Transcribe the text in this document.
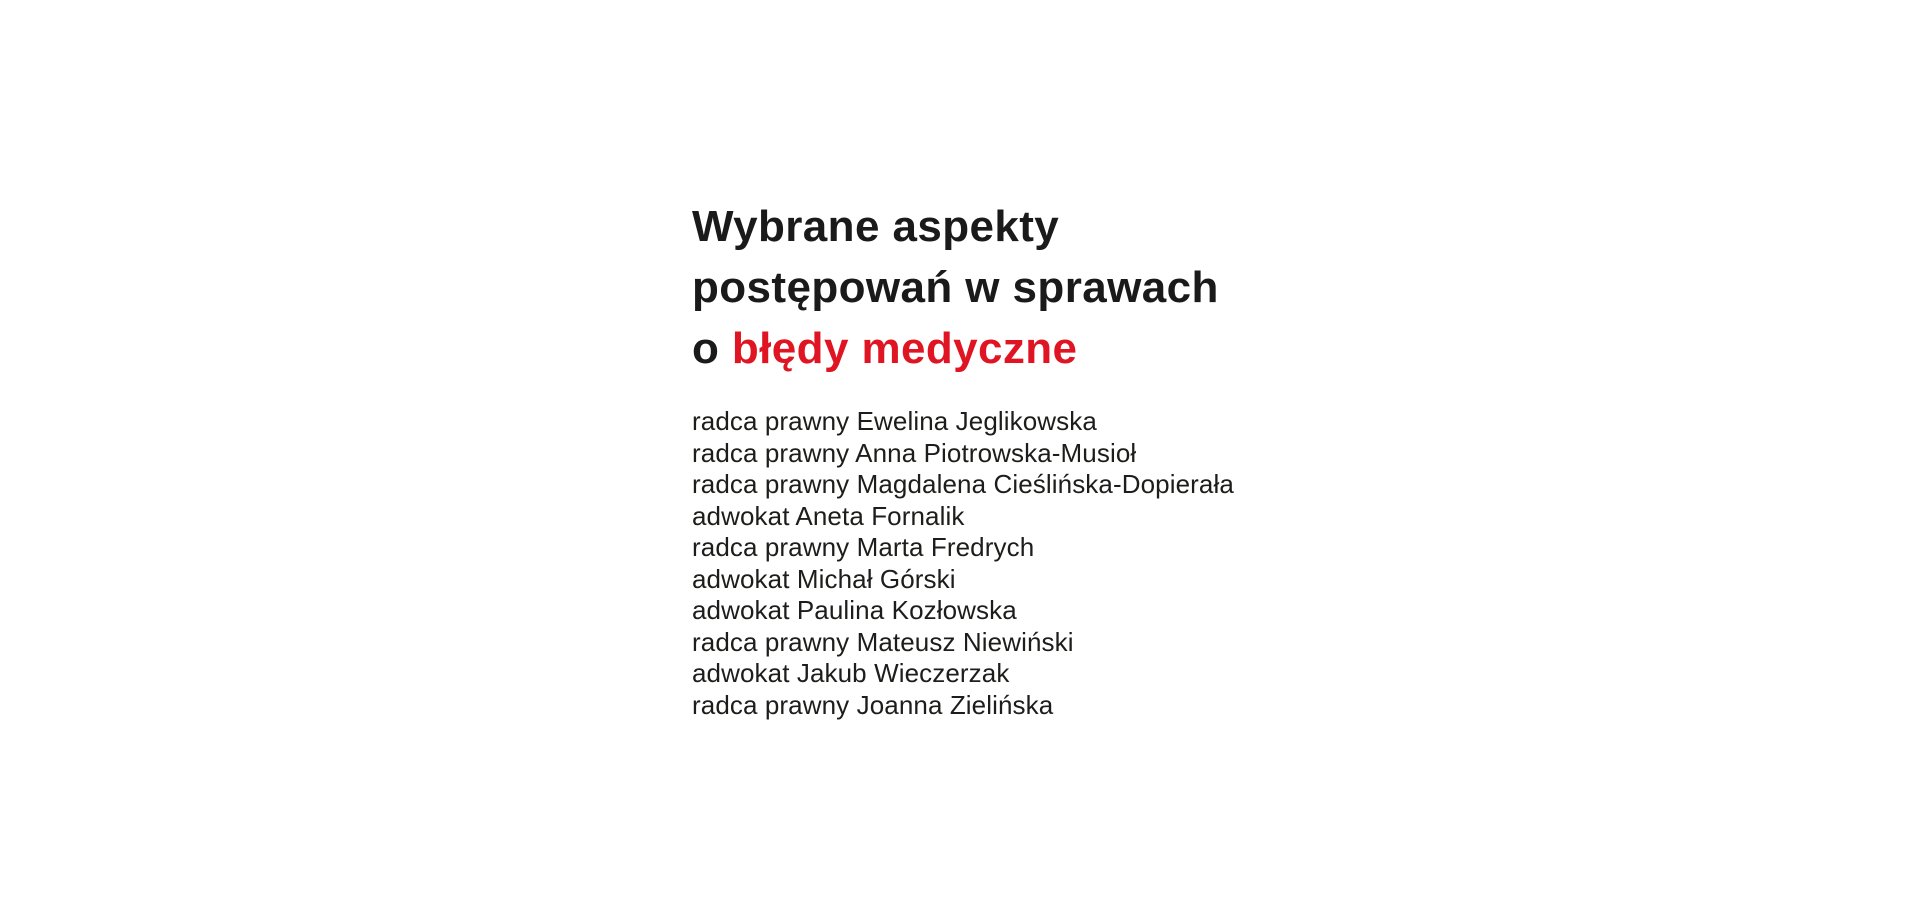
Wybrane aspekty
postępowań w sprawach
o błędy medyczne
radca prawny Ewelina Jeglikowska
radca prawny Anna Piotrowska-Musioł
radca prawny Magdalena Cieślińska-Dopierała
adwokat Aneta Fornalik
radca prawny Marta Fredrych
adwokat Michał Górski
adwokat Paulina Kozłowska
radca prawny Mateusz Niewiński
adwokat Jakub Wieczerzak
radca prawny Joanna Zielińska
